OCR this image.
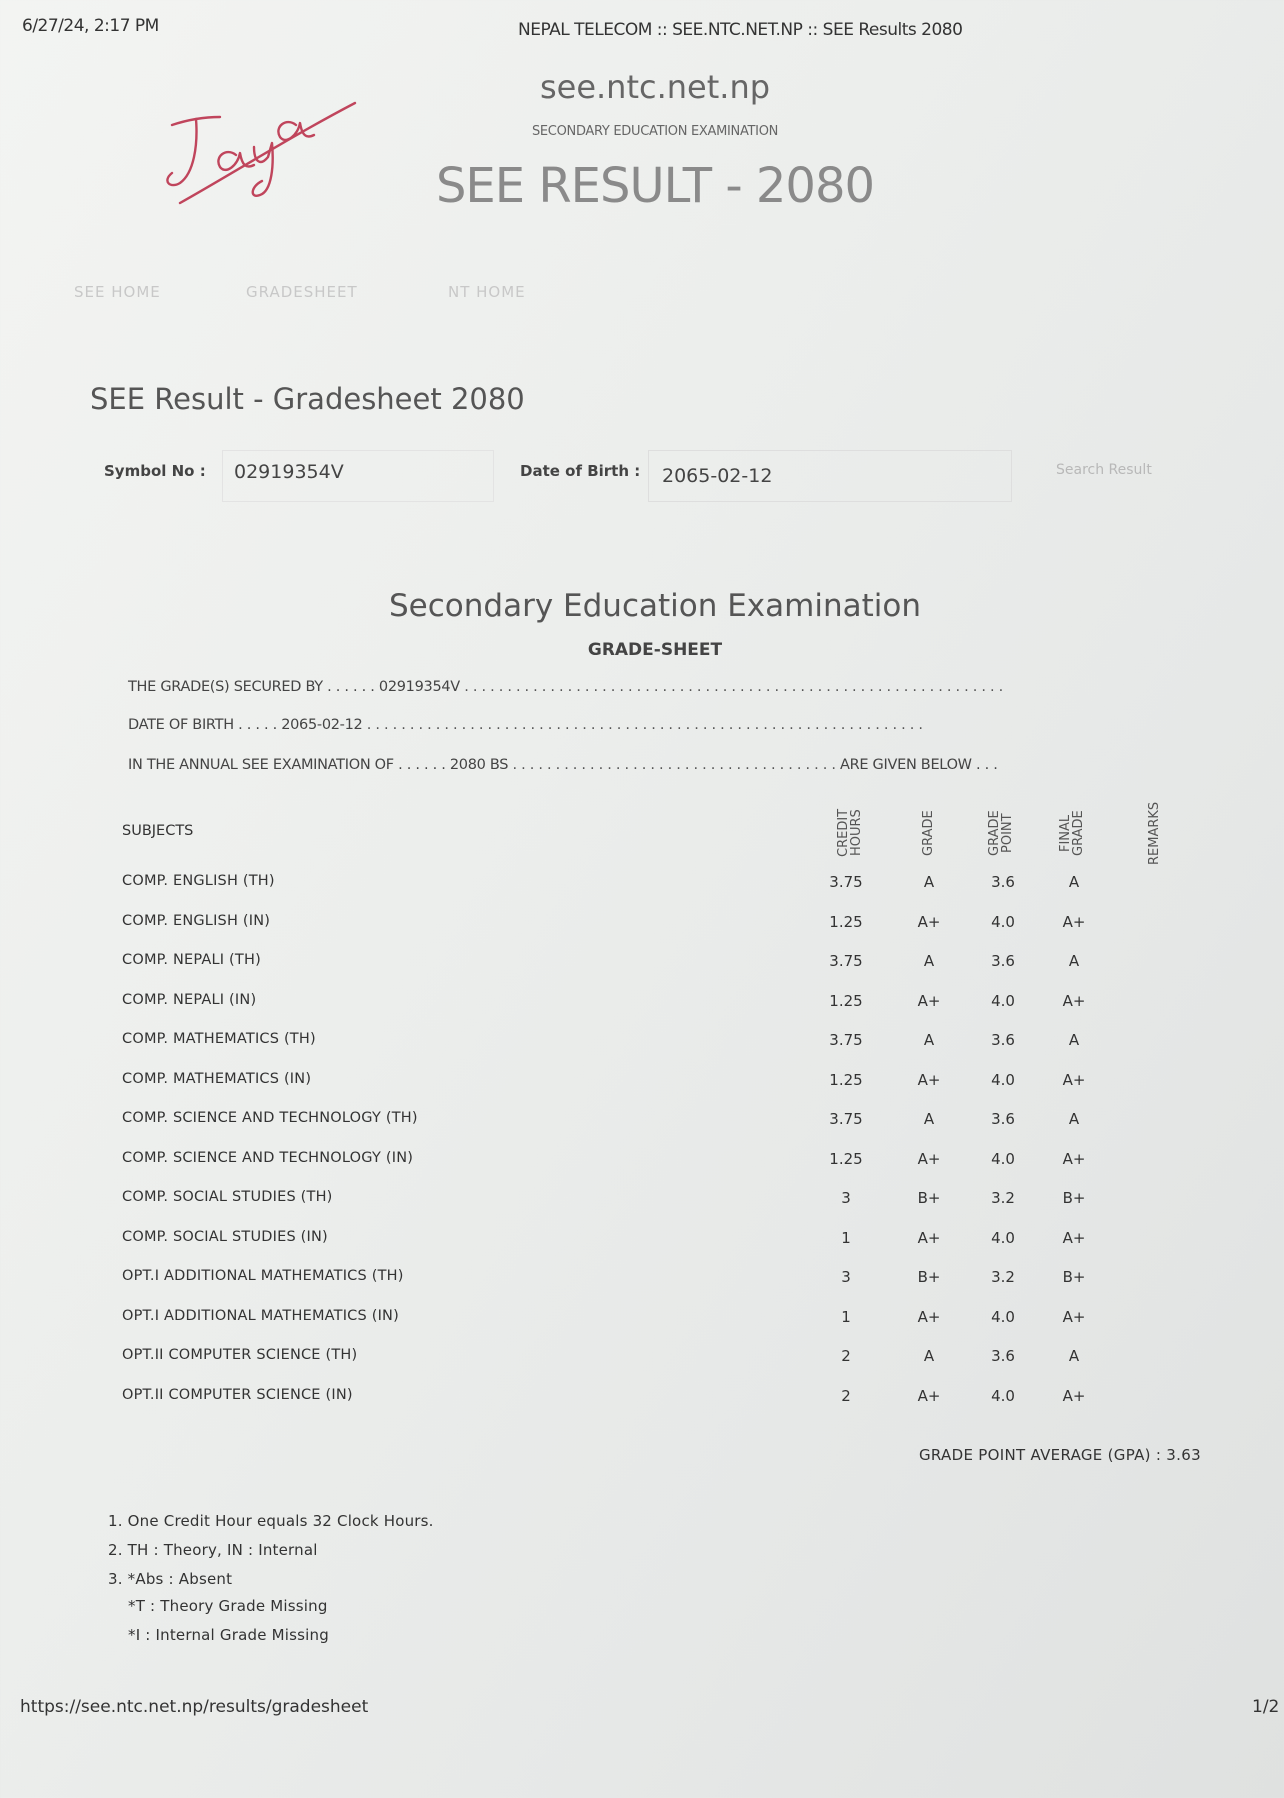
6/27/24, 2:17 PM	NEPAL TELECOM :: SEE.NTC.NET.NP :: SEE Results 2080
see.ntc.net.np
SECONDARY EDUCATION EXAMINATION
SEE RESULT - 2080
SEE HOME	GRADESHEET	NT HOME
SEE Result - Gradesheet 2080
Symbol No : 02919354V	Date of Birth : 2065-02-12	Search Result
Secondary Education Examination
GRADE-SHEET
THE GRADE(S) SECURED BY . . . . . . 02919354V . . . . . . . . . . . . . . . . . . . . . . . . . . . . . . . . . . . . . . . . . . . . . . . . . . . . . . . . . . . . . . .
DATE OF BIRTH . . . . . 2065-02-12 . . . . . . . . . . . . . . . . . . . . . . . . . . . . . . . . . . . . . . . . . . . . . . . . . . . . . . . . . . . . . . . . .
IN THE ANNUAL SEE EXAMINATION OF . . . . . . 2080 BS . . . . . . . . . . . . . . . . . . . . . . . . . . . . . . . . . . . . . . ARE GIVEN BELOW . . .
SUBJECTS	CREDIT HOURS	GRADE	GRADE POINT	FINAL GRADE	REMARKS
COMP. ENGLISH (TH)	3.75	A	3.6	A
COMP. ENGLISH (IN)	1.25	A+	4.0	A+
COMP. NEPALI (TH)	3.75	A	3.6	A
COMP. NEPALI (IN)	1.25	A+	4.0	A+
COMP. MATHEMATICS (TH)	3.75	A	3.6	A
COMP. MATHEMATICS (IN)	1.25	A+	4.0	A+
COMP. SCIENCE AND TECHNOLOGY (TH)	3.75	A	3.6	A
COMP. SCIENCE AND TECHNOLOGY (IN)	1.25	A+	4.0	A+
COMP. SOCIAL STUDIES (TH)	3	B+	3.2	B+
COMP. SOCIAL STUDIES (IN)	1	A+	4.0	A+
OPT.I ADDITIONAL MATHEMATICS (TH)	3	B+	3.2	B+
OPT.I ADDITIONAL MATHEMATICS (IN)	1	A+	4.0	A+
OPT.II COMPUTER SCIENCE (TH)	2	A	3.6	A
OPT.II COMPUTER SCIENCE (IN)	2	A+	4.0	A+
GRADE POINT AVERAGE (GPA) : 3.63
1. One Credit Hour equals 32 Clock Hours.
2. TH : Theory, IN : Internal
3. *Abs : Absent
*T : Theory Grade Missing
*I : Internal Grade Missing
https://see.ntc.net.np/results/gradesheet	1/2
